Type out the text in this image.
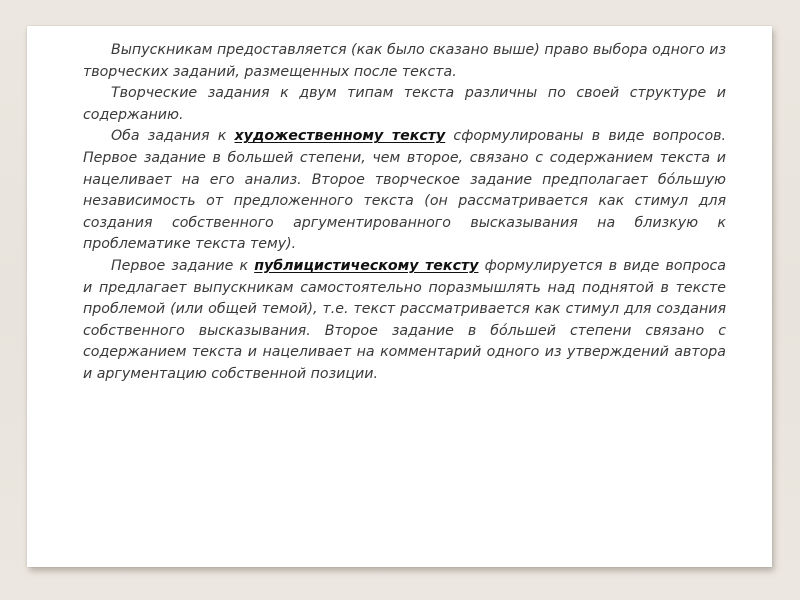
Выпускникам предоставляется (как было сказано выше) право выбора одного из творческих заданий, размещенных после текста.

Творческие задания к двум типам текста различны по своей структуре и содержанию.

Оба задания к художественному тексту сформулированы в виде вопросов. Первое задание в большей степени, чем второе, связано с содержанием текста и нацеливает на его анализ. Второе творческое задание предполагает бóльшую независимость от предложенного текста (он рассматривается как стимул для создания собственного аргументированного высказывания на близкую к проблематике текста тему).

Первое задание к публицистическому тексту формулируется в виде вопроса и предлагает выпускникам самостоятельно поразмышлять над поднятой в тексте проблемой (или общей темой), т.е. текст рассматривается как стимул для создания собственного высказывания. Второе задание в бóльшей степени связано с содержанием текста и нацеливает на комментарий одного из утверждений автора и аргументацию собственной позиции.
